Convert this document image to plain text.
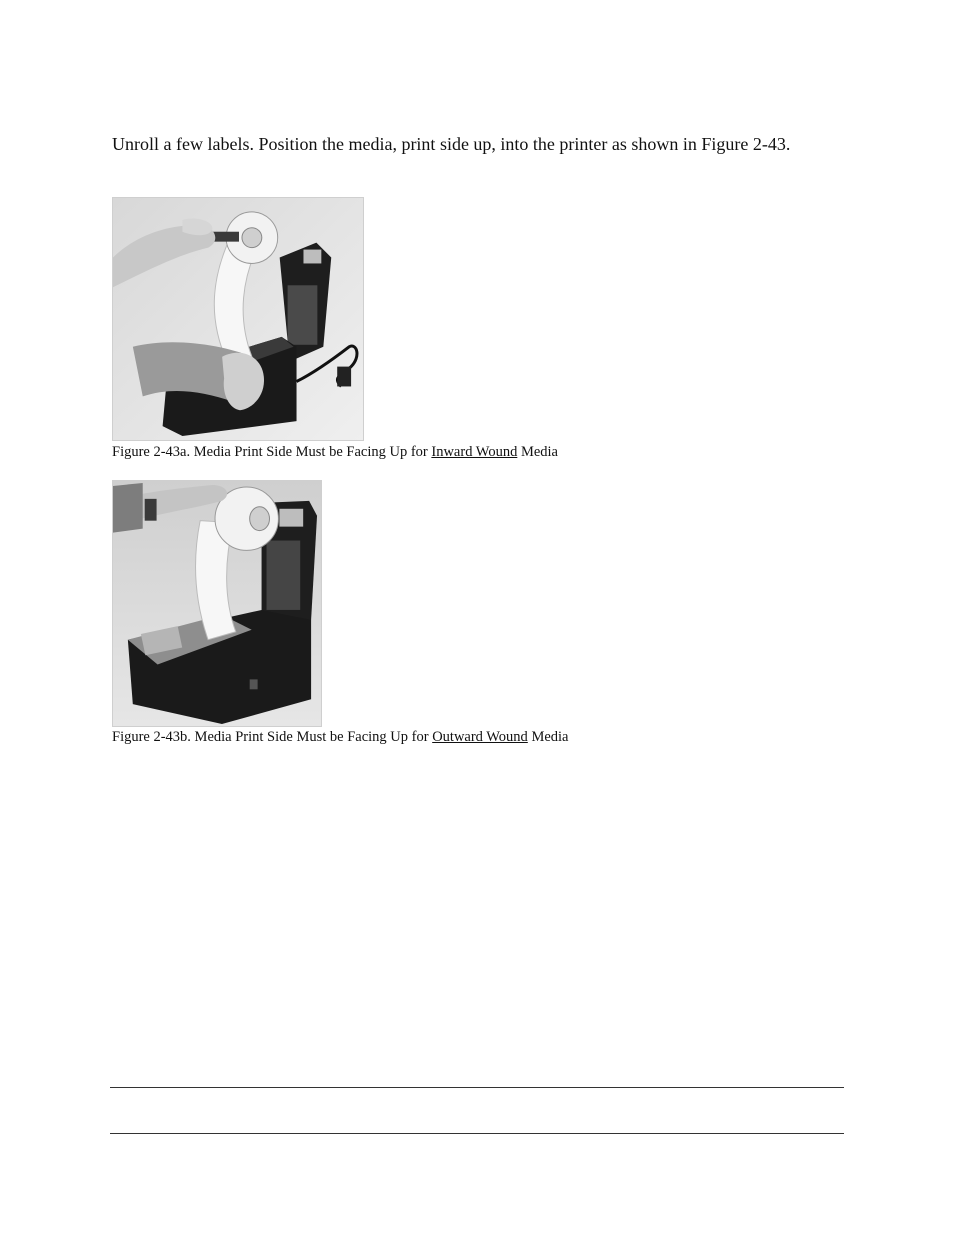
Unroll a few labels. Position the media, print side up, into the printer as shown in Figure 2-43.

Figure 2-43a. Media Print Side Must be Facing Up for Inward Wound Media

Figure 2-43b. Media Print Side Must be Facing Up for Outward Wound Media
